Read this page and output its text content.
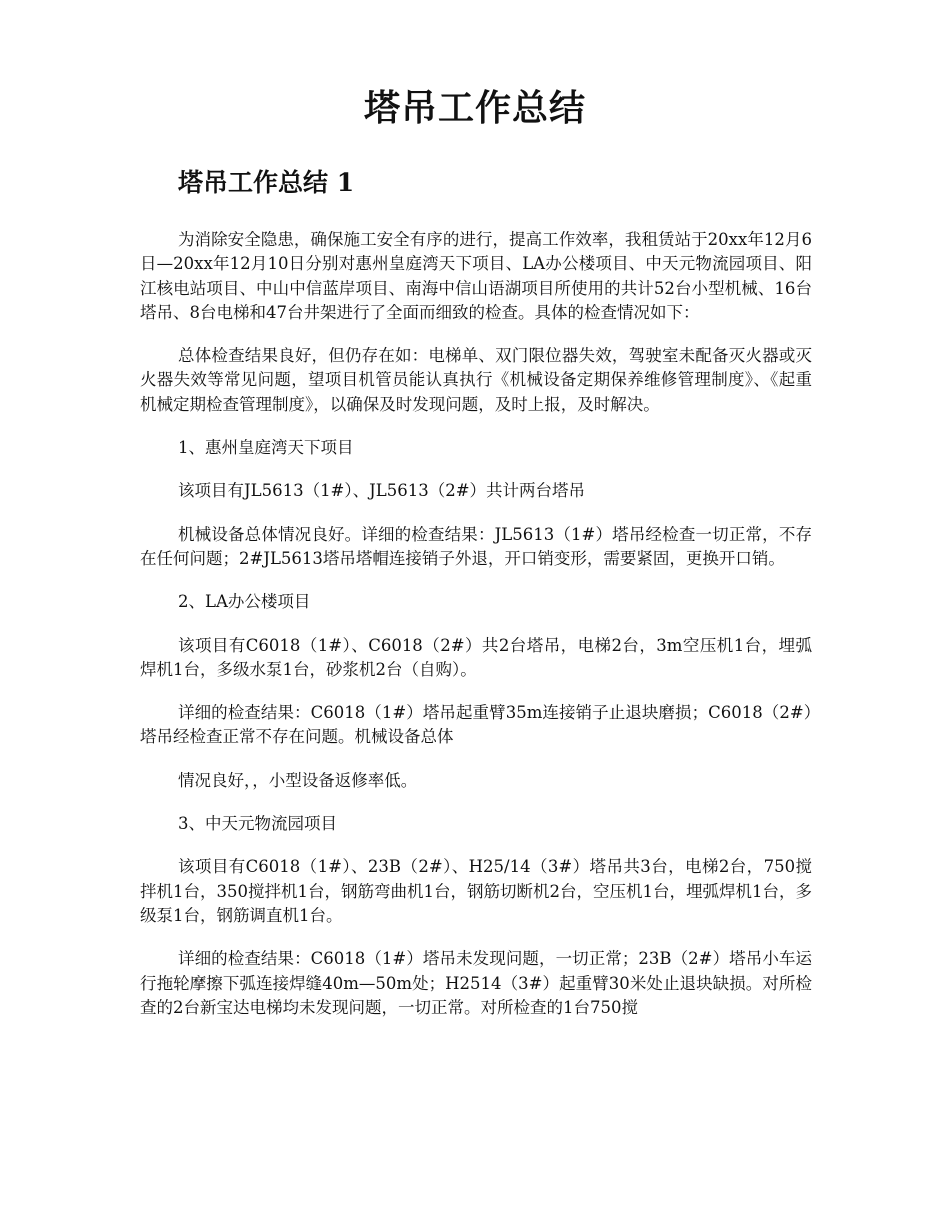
塔吊工作总结
塔吊工作总结 1

为消除安全隐患，确保施工安全有序的进行，提高工作效率，我租赁站于20xx年12月6日—20xx年12月10日分别对惠州皇庭湾天下项目、LA办公楼项目、中天元物流园项目、阳江核电站项目、中山中信蓝岸项目、南海中信山语湖项目所使用的共计52台小型机械、16台塔吊、8台电梯和47台井架进行了全面而细致的检查。具体的检查情况如下：

总体检查结果良好，但仍存在如：电梯单、双门限位器失效，驾驶室未配备灭火器或灭火器失效等常见问题，望项目机管员能认真执行《机械设备定期保养维修管理制度》、《起重机械定期检查管理制度》，以确保及时发现问题，及时上报，及时解决。

1、惠州皇庭湾天下项目

该项目有JL5613（1#）、JL5613（2#）共计两台塔吊

机械设备总体情况良好。详细的检查结果：JL5613（1#）塔吊经检查一切正常，不存在任何问题；2#JL5613塔吊塔帽连接销子外退，开口销变形，需要紧固，更换开口销。

2、LA办公楼项目

该项目有C6018（1#）、C6018（2#）共2台塔吊，电梯2台，3m空压机1台，埋弧焊机1台，多级水泵1台，砂浆机2台（自购）。

详细的检查结果：C6018（1#）塔吊起重臂35m连接销子止退块磨损；C6018（2#）塔吊经检查正常不存在问题。机械设备总体

情况良好，，小型设备返修率低。

3、中天元物流园项目

该项目有C6018（1#）、23B（2#）、H25/14（3#）塔吊共3台，电梯2台，750搅拌机1台，350搅拌机1台，钢筋弯曲机1台，钢筋切断机2台，空压机1台，埋弧焊机1台，多级泵1台，钢筋调直机1台。

详细的检查结果：C6018（1#）塔吊未发现问题，一切正常；23B（2#）塔吊小车运行拖轮摩擦下弧连接焊缝40m—50m处；H2514（3#）起重臂30米处止退块缺损。对所检查的2台新宝达电梯均未发现问题，一切正常。对所检查的1台750搅
